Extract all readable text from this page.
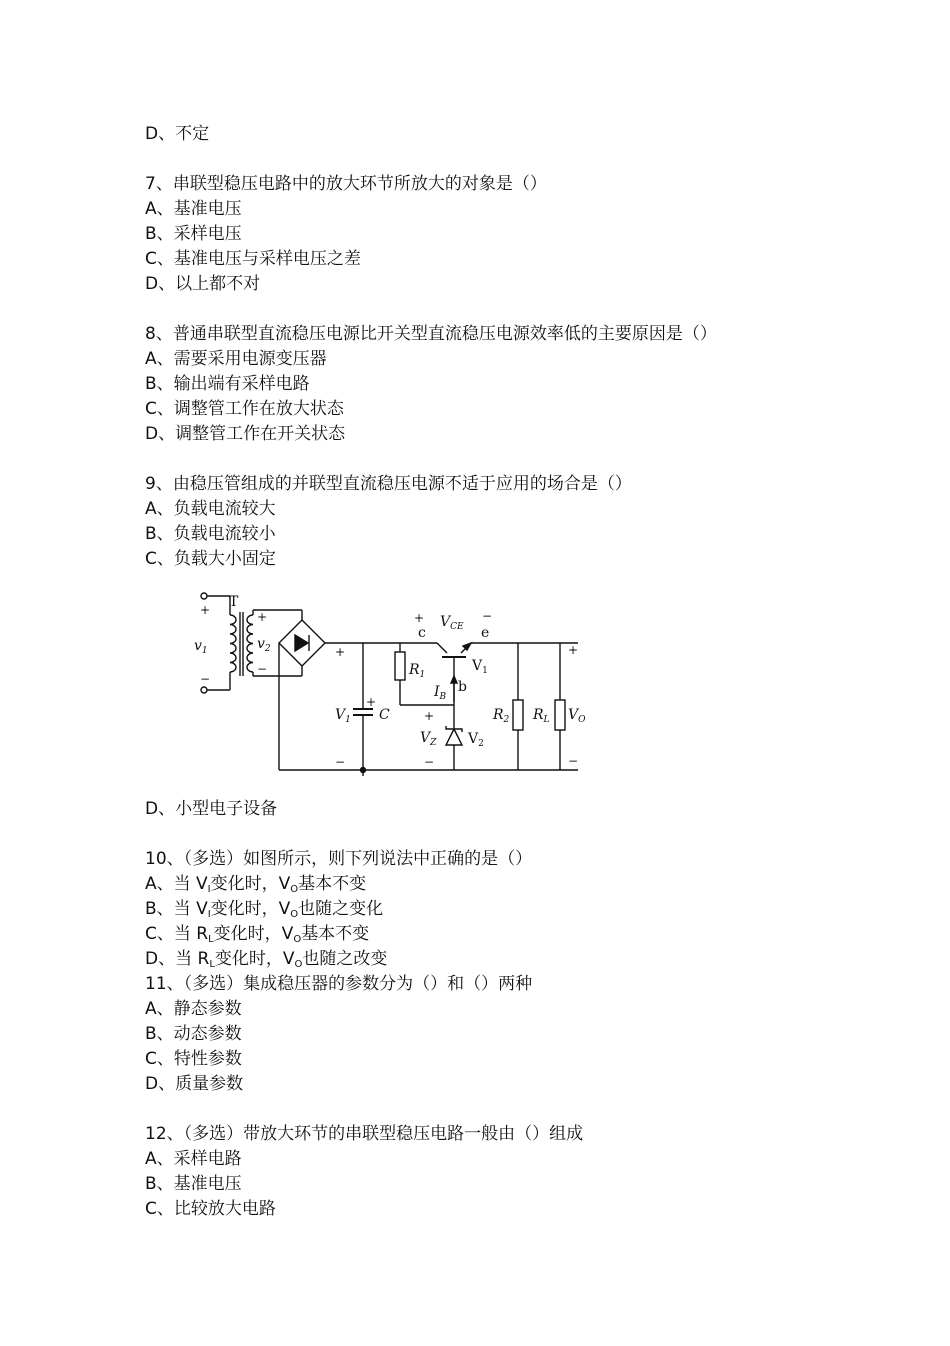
D、不定
7、串联型稳压电路中的放大环节所放大的对象是（）
A、基准电压
B、采样电压
C、基准电压与采样电压之差
D、以上都不对
8、普通串联型直流稳压电源比开关型直流稳压电源效率低的主要原因是（）
A、需要采用电源变压器
B、输出端有采样电路
C、调整管工作在放大状态
D、调整管工作在开关状态
9、由稳压管组成的并联型直流稳压电源不适于应用的场合是（）
A、负载电流较大
B、负载电流较小
C、负载大小固定
T
+
−
$v_1$	$v_2$
+
−
+
−
+
$V_1$ C
$R_1$
+
c
$V_{CE}$
−
e
$V_1$
$I_B$
b
+
$V_Z$
−
$V_2$
$R_2$ $R_L$ $V_O$
+
−
D、小型电子设备
10、（多选）如图所示，则下列说法中正确的是（）
A、当 $V_I$变化时，$V_O$基本不变
B、当 $V_I$变化时，$V_O$也随之变化
C、当 $R_L$变化时，$V_O$基本不变
D、当 $R_L$变化时，$V_O$也随之改变
11、（多选）集成稳压器的参数分为（）和（）两种
A、静态参数
B、动态参数
C、特性参数
D、质量参数
12、（多选）带放大环节的串联型稳压电路一般由（）组成
A、采样电路
B、基准电压
C、比较放大电路
